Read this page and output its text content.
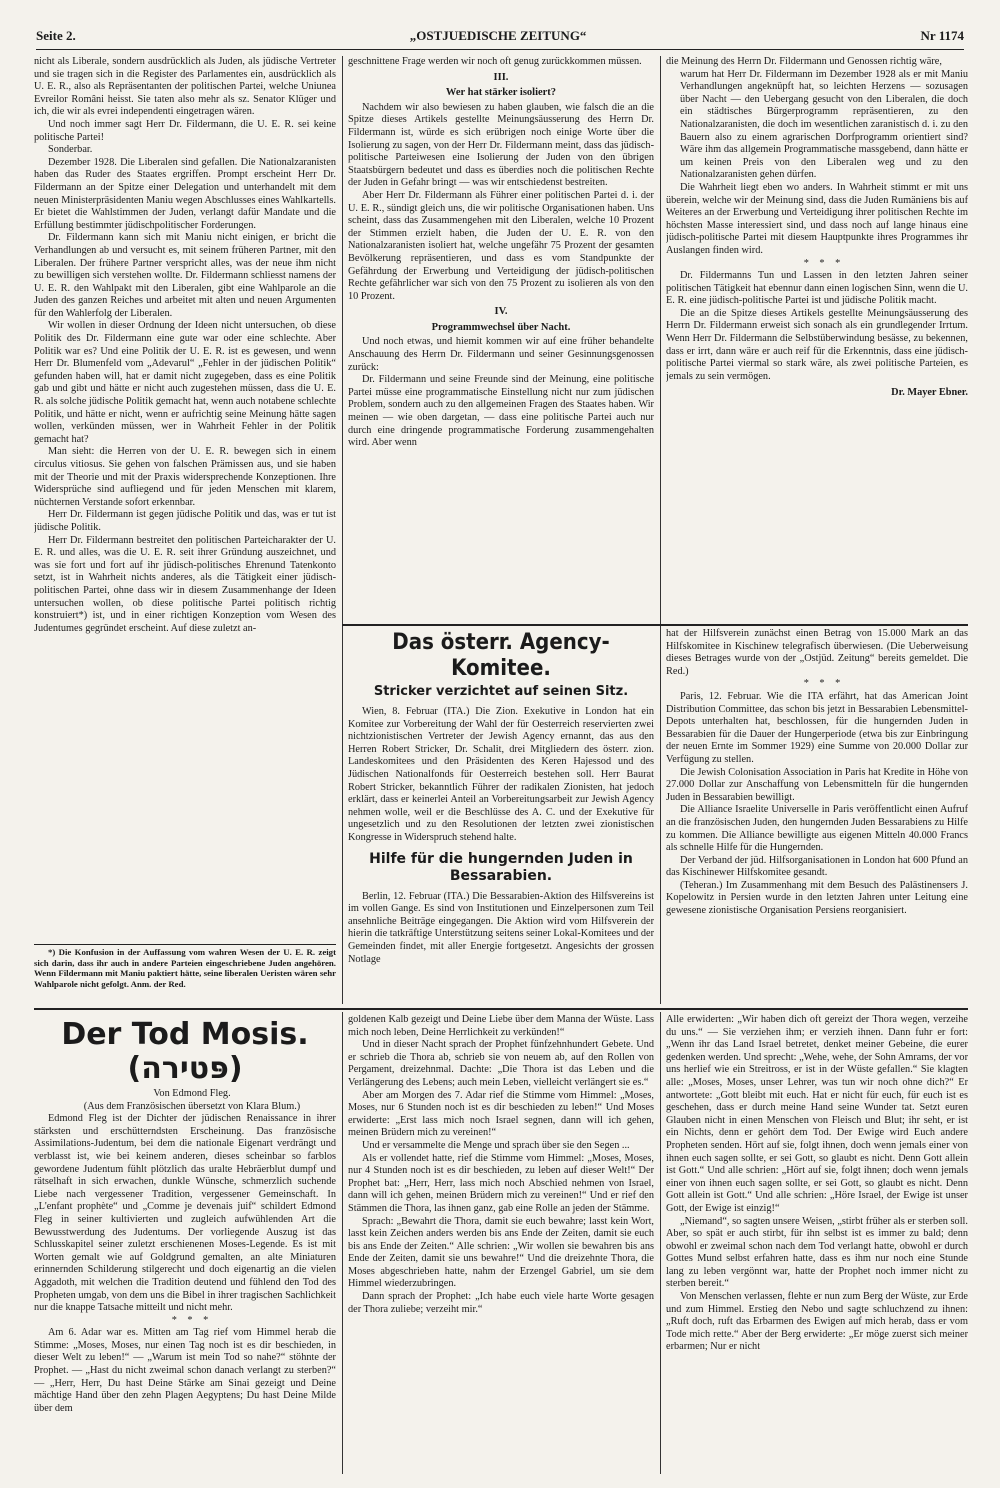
Seite 2.	„OSTJUEDISCHE ZEITUNG“	Nr 1174

nicht als Liberale, sondern ausdrücklich als Juden, als jüdische Vertreter und sie tragen sich in die Register des Parlamentes ein, ausdrücklich als U. E. R., also als Repräsentanten der politischen Partei, welche Uniunea Evreilor Români heisst. Sie taten also mehr als sz. Senator Klüger und ich, die wir als evrei independenti eingetragen wären.

Und noch immer sagt Herr Dr. Fildermann, die U. E. R. sei keine politische Partei!

Sonderbar.

Dezember 1928. Die Liberalen sind gefallen. Die Nationalzaranisten haben das Ruder des Staates ergriffen. Prompt erscheint Herr Dr. Fildermann an der Spitze einer Delegation und unterhandelt mit dem neuen Ministerpräsidenten Maniu wegen Abschlusses eines Wahlkartells. Er bietet die Wahlstimmen der Juden, verlangt dafür Mandate und die Erfüllung bestimmter jüdischpolitischer Forderungen.

Dr. Fildermann kann sich mit Maniu nicht einigen, er bricht die Verhandlungen ab und versucht es, mit seinem früheren Partner, mit den Liberalen. Der frühere Partner verspricht alles, was der neue ihm nicht zu bewilligen sich verstehen wollte. Dr. Fildermann schliesst namens der U. E. R. den Wahlpakt mit den Liberalen, gibt eine Wahlparole an die Juden des ganzen Reiches und arbeitet mit alten und neuen Argumenten für den Wahlerfolg der Liberalen.

Wir wollen in dieser Ordnung der Ideen nicht untersuchen, ob diese Politik des Dr. Fildermann eine gute war oder eine schlechte. Aber Politik war es? Und eine Politik der U. E. R. ist es gewesen, und wenn Herr Dr. Blumenfeld vom „Adevarul“ „Fehler in der jüdischen Politik“ gefunden haben will, hat er damit nicht zugegeben, dass es eine Politik gab und gibt und hätte er nicht auch zugestehen müssen, dass die U. E. R. als solche jüdische Politik gemacht hat, wenn auch notabene schlechte Politik, und hätte er nicht, wenn er aufrichtig seine Meinung hätte sagen wollen, verkünden müssen, wer in Wahrheit Fehler in der Politik gemacht hat?

Man sieht: die Herren von der U. E. R. bewegen sich in einem circulus vitiosus. Sie gehen von falschen Prämissen aus, und sie haben mit der Theorie und mit der Praxis widersprechende Konzeptionen. Ihre Widersprüche sind aufliegend und für jeden Menschen mit klarem, nüchternen Verstande sofort erkennbar.

Herr Dr. Fildermann ist gegen jüdische Politik und das, was er tut ist jüdische Politik.

Herr Dr. Fildermann bestreitet den politischen Parteicharakter der U. E. R. und alles, was die U. E. R. seit ihrer Gründung auszeichnet, und was sie fort und fort auf ihr jüdisch-politisches Ehrenund Tatenkonto setzt, ist in Wahrheit nichts anderes, als die Tätigkeit einer jüdisch-politischen Partei, ohne dass wir in diesem Zusammenhange der Ideen untersuchen wollen, ob diese politische Partei politisch richtig konstruiert*) ist, und in einer richtigen Konzeption vom Wesen des Judentumes gegründet erscheint. Auf diese zuletzt an-

*) Die Konfusion in der Auffassung vom wahren Wesen der U. E. R. zeigt sich darin, dass ihr auch in andere Parteien eingeschriebene Juden angehören. Wenn Fildermann mit Maniu paktiert hätte, seine liberalen Ueristen wären sehr Wahlparole nicht gefolgt. Anm. der Red.

geschnittene Frage werden wir noch oft genug zurückkommen müssen.

III.
Wer hat stärker isoliert?

Nachdem wir also bewiesen zu haben glauben, wie falsch die an die Spitze dieses Artikels gestellte Meinungsäusserung des Herrn Dr. Fildermann ist, würde es sich erübrigen noch einige Worte über die Isolierung zu sagen, von der Herr Dr. Fildermann meint, dass das jüdisch-politische Parteiwesen eine Isolierung der Juden von den übrigen Staatsbürgern bedeutet und dass es überdies noch die politischen Rechte der Juden in Gefahr bringt — was wir entschiedenst bestreiten.

Aber Herr Dr. Fildermann als Führer einer politischen Partei d. i. der U. E. R., sündigt gleich uns, die wir politische Organisationen haben. Uns scheint, dass das Zusammengehen mit den Liberalen, welche 10 Prozent der Stimmen erzielt haben, die Juden der U. E. R. von den Nationalzaranisten isoliert hat, welche ungefähr 75 Prozent der gesamten Bevölkerung repräsentieren, und dass es vom Standpunkte der Gefährdung der Erwerbung und Verteidigung der jüdisch-politischen Rechte gefährlicher war sich von den 75 Prozent zu isolieren als von den 10 Prozent.

IV.
Programmwechsel über Nacht.

Und noch etwas, und hiemit kommen wir auf eine früher behandelte Anschauung des Herrn Dr. Fildermann und seiner Gesinnungsgenossen zurück:

Dr. Fildermann und seine Freunde sind der Meinung, eine politische Partei müsse eine programmatische Einstellung nicht nur zum jüdischen Problem, sondern auch zu den allgemeinen Fragen des Staates haben. Wir meinen — wie oben dargetan, — dass eine politische Partei auch nur durch eine dringende programmatische Forderung zusammengehalten wird. Aber wenn

die Meinung des Herrn Dr. Fildermann und Genossen richtig wäre,

warum hat Herr Dr. Fildermann im Dezember 1928 als er mit Maniu Verhandlungen angeknüpft hat, so leichten Herzens — sozusagen über Nacht — den Uebergang gesucht von den Liberalen, die doch ein städtisches Bürgerprogramm repräsentieren, zu den Nationalzaranisten, die doch im wesentlichen zaranistisch d. i. zu den Bauern also zu einem agrarischen Dorfprogramm orientiert sind? Wäre ihm das allgemein Programmatische massgebend, dann hätte er um keinen Preis von den Liberalen weg und zu den Nationalzaranisten gehen dürfen.

Die Wahrheit liegt eben wo anders. In Wahrheit stimmt er mit uns überein, welche wir der Meinung sind, dass die Juden Rumäniens bis auf Weiteres an der Erwerbung und Verteidigung ihrer politischen Rechte im höchsten Masse interessiert sind, und dass noch auf lange hinaus eine jüdisch-politische Partei mit diesem Hauptpunkte ihres Programmes ihr Auslangen finden wird.

* * *

Dr. Fildermanns Tun und Lassen in den letzten Jahren seiner politischen Tätigkeit hat ebennur dann einen logischen Sinn, wenn die U. E. R. eine jüdisch-politische Partei ist und jüdische Politik macht.

Die an die Spitze dieses Artikels gestellte Meinungsäusserung des Herrn Dr. Fildermann erweist sich sonach als ein grundlegender Irrtum. Wenn Herr Dr. Fildermann die Selbstüberwindung besässe, zu bekennen, dass er irrt, dann wäre er auch reif für die Erkenntnis, dass eine jüdisch-politische Partei viermal so stark wäre, als zwei politische Parteien, es jemals zu sein vermögen.

Dr. Mayer Ebner.

Das österr. Agency-Komitee.
Stricker verzichtet auf seinen Sitz.

Wien, 8. Februar (ITA.) Die Zion. Exekutive in London hat ein Komitee zur Vorbereitung der Wahl der für Oesterreich reservierten zwei nichtzionistischen Vertreter der Jewish Agency ernannt, das aus den Herren Robert Stricker, Dr. Schalit, drei Mitgliedern des österr. zion. Landeskomitees und den Präsidenten des Keren Hajessod und des Jüdischen Nationalfonds für Oesterreich bestehen soll. Herr Baurat Robert Stricker, bekanntlich Führer der radikalen Zionisten, hat jedoch erklärt, dass er keinerlei Anteil an Vorbereitungsarbeit zur Jewish Agency nehmen wolle, weil er die Beschlüsse des A. C. und der Exekutive für ungesetzlich und zu den Resolutionen der letzten zwei zionistischen Kongresse in Widerspruch stehend halte.

Hilfe für die hungernden Juden in Bessarabien.

Berlin, 12. Februar (ITA.) Die Bessarabien-Aktion des Hilfsvereins ist im vollen Gange. Es sind von Institutionen und Einzelpersonen zum Teil ansehnliche Beiträge eingegangen. Die Aktion wird vom Hilfsverein der hierin die tatkräftige Unterstützung seitens seiner Lokal-Komitees und der Gemeinden findet, mit aller Energie fortgesetzt. Angesichts der grossen Notlage

hat der Hilfsverein zunächst einen Betrag von 15.000 Mark an das Hilfskomitee in Kischinew telegrafisch überwiesen. (Die Ueberweisung dieses Betrages wurde von der „Ostjüd. Zeitung“ bereits gemeldet. Die Red.)

* * *

Paris, 12. Februar. Wie die ITA erfährt, hat das American Joint Distribution Committee, das schon bis jetzt in Bessarabien Lebensmittel-Depots unterhalten hat, beschlossen, für die hungernden Juden in Bessarabien für die Dauer der Hungerperiode (etwa bis zur Einbringung der neuen Ernte im Sommer 1929) eine Summe von 20.000 Dollar zur Verfügung zu stellen.

Die Jewish Colonisation Association in Paris hat Kredite in Höhe von 27.000 Dollar zur Anschaffung von Lebensmitteln für die hungernden Juden in Bessarabien bewilligt.

Die Alliance Israelite Universelle in Paris veröffentlicht einen Aufruf an die französischen Juden, den hungernden Juden Bessarabiens zu Hilfe zu kommen. Die Alliance bewilligte aus eigenen Mitteln 40.000 Francs als schnelle Hilfe für die Hungernden.

Der Verband der jüd. Hilfsorganisationen in London hat 600 Pfund an das Kischinewer Hilfskomitee gesandt.

(Teheran.) Im Zusammenhang mit dem Besuch des Palästinensers J. Kopelowitz in Persien wurde in den letzten Jahren unter Leitung eine gewesene zionistische Organisation Persiens reorganisiert.

Der Tod Mosis. (פּטירה)

Von Edmond Fleg.

(Aus dem Französischen übersetzt von Klara Blum.)

Edmond Fleg ist der Dichter der jüdischen Renaissance in ihrer stärksten und erschütterndsten Erscheinung. Das französische Assimilations-Judentum, bei dem die nationale Eigenart verdrängt und verblasst ist, wie bei keinem anderen, dieses scheinbar so farblos gewordene Judentum fühlt plötzlich das uralte Hebräerblut dumpf und rätselhaft in sich erwachen, dunkle Wünsche, schmerzlich suchende Liebe nach vergessener Tradition, vergessener Gemeinschaft. In „L'enfant prophète“ und „Comme je devenais juif“ schildert Edmond Fleg in seiner kultivierten und zugleich aufwühlenden Art die Bewusstwerdung des Judentums. Der vorliegende Auszug ist das Schlusskapitel seiner zuletzt erschienenen Moses-Legende. Es ist mit Worten gemalt wie auf Goldgrund gemalten, an alte Miniaturen erinnernden Schilderung stilgerecht und doch eigenartig an die vielen Aggadoth, mit welchen die Tradition deutend und fühlend den Tod des Propheten umgab, von dem uns die Bibel in ihrer tragischen Sachlichkeit nur die knappe Tatsache mitteilt und nicht mehr.

* * *

Am 6. Adar war es. Mitten am Tag rief vom Himmel herab die Stimme: „Moses, Moses, nur einen Tag noch ist es dir beschieden, in dieser Welt zu leben!“ — „Warum ist mein Tod so nahe?“ stöhnte der Prophet. — „Hast du nicht zweimal schon danach verlangt zu sterben?“ — „Herr, Herr, Du hast Deine Stärke am Sinai gezeigt und Deine mächtige Hand über den zehn Plagen Aegyptens; Du hast Deine Milde über dem

goldenen Kalb gezeigt und Deine Liebe über dem Manna der Wüste. Lass mich noch leben, Deine Herrlichkeit zu verkünden!“

Und in dieser Nacht sprach der Prophet fünfzehnhundert Gebete. Und er schrieb die Thora ab, schrieb sie von neuem ab, auf den Rollen von Pergament, dreizehnmal. Dachte: „Die Thora ist das Leben und die Verlängerung des Lebens; auch mein Leben, vielleicht verlängert sie es.“

Aber am Morgen des 7. Adar rief die Stimme vom Himmel: „Moses, Moses, nur 6 Stunden noch ist es dir beschieden zu leben!“ Und Moses erwiderte: „Erst lass mich noch Israel segnen, dann will ich gehen, meinen Brüdern mich zu vereinen!“

Und er versammelte die Menge und sprach über sie den Segen ...

Als er vollendet hatte, rief die Stimme vom Himmel: „Moses, Moses, nur 4 Stunden noch ist es dir beschieden, zu leben auf dieser Welt!“ Der Prophet bat: „Herr, Herr, lass mich noch Abschied nehmen von Israel, dann will ich gehen, meinen Brüdern mich zu vereinen!“ Und er rief den Stämmen die Thora, las ihnen ganz, gab eine Rolle an jeden der Stämme.

Sprach: „Bewahrt die Thora, damit sie euch bewahre; lasst kein Wort, lasst kein Zeichen anders werden bis ans Ende der Zeiten, damit sie euch bis ans Ende der Zeiten.“ Alle schrien: „Wir wollen sie bewahren bis ans Ende der Zeiten, damit sie uns bewahre!“ Und die dreizehnte Thora, die Moses abgeschrieben hatte, nahm der Erzengel Gabriel, um sie dem Himmel wiederzubringen.

Dann sprach der Prophet: „Ich habe euch viele harte Worte gesagen der Thora zuliebe; verzeiht mir.“

Alle erwiderten: „Wir haben dich oft gereizt der Thora wegen, verzeihe du uns.“ — Sie verziehen ihm; er verzieh ihnen. Dann fuhr er fort: „Wenn ihr das Land Israel betretet, denket meiner Gebeine, die eurer gedenken werden. Und sprecht: „Wehe, wehe, der Sohn Amrams, der vor uns herlief wie ein Streitross, er ist in der Wüste gefallen.“ Sie klagten alle: „Moses, Moses, unser Lehrer, was tun wir noch ohne dich?“ Er antwortete: „Gott bleibt mit euch. Hat er nicht für euch, für euch ist es geschehen, dass er durch meine Hand seine Wunder tat. Setzt euren Glauben nicht in einen Menschen von Fleisch und Blut; ihr seht, er ist ein Nichts, denn er gehört dem Tod. Der Ewige wird Euch andere Propheten senden. Hört auf sie, folgt ihnen, doch wenn jemals einer von ihnen euch sagen sollte, er sei Gott, so glaubt es nicht. Denn Gott allein ist Gott.“ Und alle schrien: „Hört auf sie, folgt ihnen; doch wenn jemals einer von ihnen euch sagen sollte, er sei Gott, so glaubt es nicht. Denn Gott allein ist Gott.“ Und alle schrien: „Höre Israel, der Ewige ist unser Gott, der Ewige ist einzig!“

„Niemand“, so sagten unsere Weisen, „stirbt früher als er sterben soll. Aber, so spät er auch stirbt, für ihn selbst ist es immer zu bald; denn obwohl er zweimal schon nach dem Tod verlangt hatte, obwohl er durch Gottes Mund selbst erfahren hatte, dass es ihm nur noch eine Stunde lang zu leben vergönnt war, hatte der Prophet noch immer nicht zu sterben bereit.“

Von Menschen verlassen, flehte er nun zum Berg der Wüste, zur Erde und zum Himmel. Erstieg den Nebo und sagte schluchzend zu ihnen: „Ruft doch, ruft das Erbarmen des Ewigen auf mich herab, dass er vom Tode mich rette.“ Aber der Berg erwiderte: „Er möge zuerst sich meiner erbarmen; Nur er nicht
